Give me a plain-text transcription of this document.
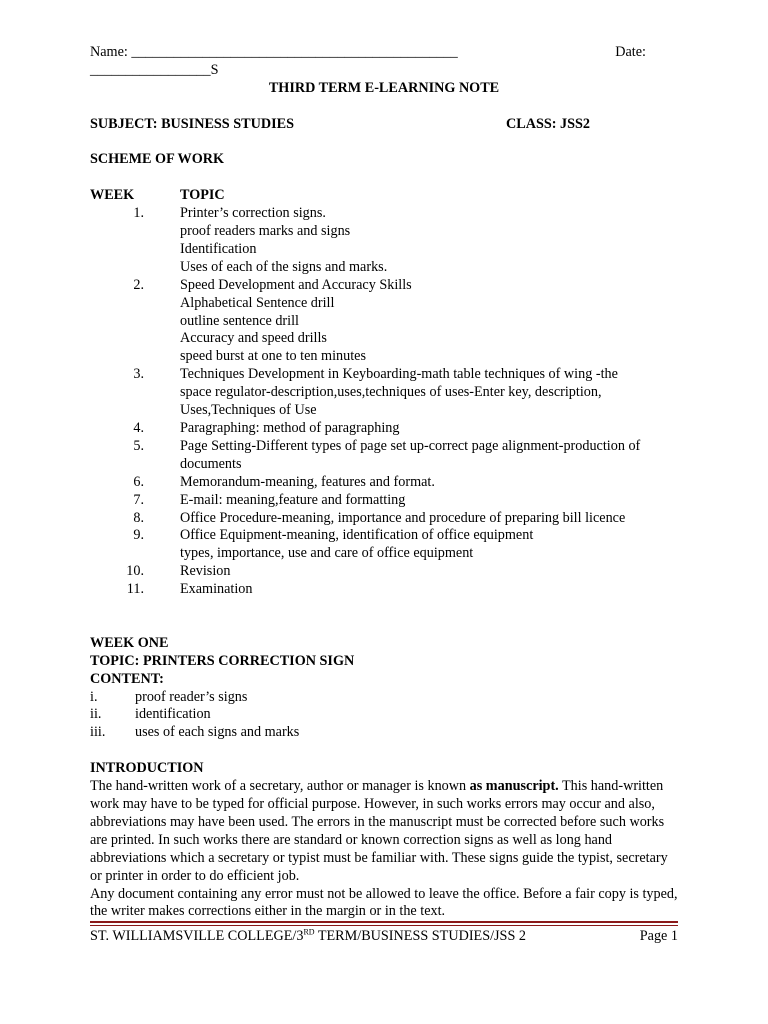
Name: ______________________________________________	Date:
_________________S
THIRD TERM E-LEARNING NOTE
SUBJECT: BUSINESS STUDIES	CLASS: JSS2
SCHEME OF WORK
WEEK	TOPIC
1.	Printer’s correction signs.
proof readers marks and signs
Identification
Uses of each of the signs and marks.
2.	Speed Development and Accuracy Skills
Alphabetical Sentence drill
outline sentence drill
Accuracy and speed drills
speed burst at one to ten minutes
3.	Techniques Development in Keyboarding-math table techniques of wing -the
space regulator-description,uses,techniques of uses-Enter key, description,
Uses,Techniques of Use
4.	Paragraphing: method of paragraphing
5.	Page Setting-Different types of page set up-correct page alignment-production of
documents
6.	Memorandum-meaning, features and format.
7.	E-mail: meaning,feature and formatting
8.	Office Procedure-meaning, importance and procedure of preparing bill licence
9.	Office Equipment-meaning, identification of office equipment
types, importance, use and care of office equipment
10.	Revision
11.	Examination
WEEK ONE
TOPIC: PRINTERS CORRECTION SIGN
CONTENT:
i.	proof reader’s signs
ii.	identification
iii.	uses of each signs and marks
INTRODUCTION

The hand-written work of a secretary, author or manager is known as manuscript. This hand-written work may have to be typed for official purpose. However, in such works errors may occur and also, abbreviations may have been used. The errors in the manuscript must be corrected before such works are printed. In such works there are standard or known correction signs as well as long hand abbreviations which a secretary or typist must be familiar with. These signs guide the typist, secretary or printer in order to do efficient job.

Any document containing any error must not be allowed to leave the office. Before a fair copy is typed, the writer makes corrections either in the margin or in the text.

ST. WILLIAMSVILLE COLLEGE/3RD TERM/BUSINESS STUDIES/JSS 2	Page 1
